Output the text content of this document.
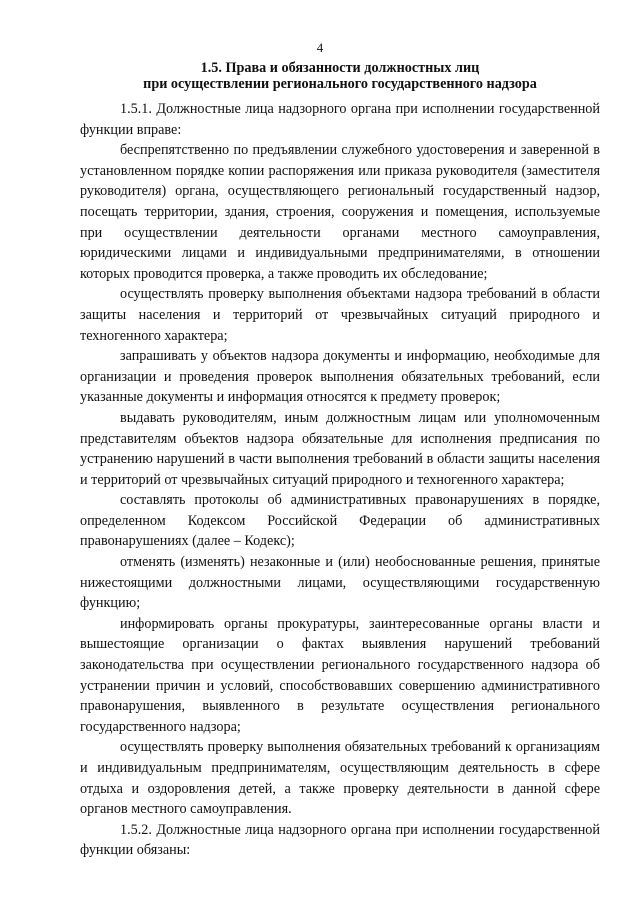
4
1.5. Права и обязанности должностных лиц
при осуществлении регионального государственного надзора

1.5.1. Должностные лица надзорного органа при исполнении государственной функции вправе:

беспрепятственно по предъявлении служебного удостоверения и заверенной в установленном порядке копии распоряжения или приказа руководителя (заместителя руководителя) органа, осуществляющего региональный государственный надзор, посещать территории, здания, строения, сооружения и помещения, используемые при осуществлении деятельности органами местного самоуправления, юридическими лицами и индивидуальными предпринимателями, в отношении которых проводится проверка, а также проводить их обследование;

осуществлять проверку выполнения объектами надзора требований в области защиты населения и территорий от чрезвычайных ситуаций природного и техногенного характера;

запрашивать у объектов надзора документы и информацию, необходимые для организации и проведения проверок выполнения обязательных требований, если указанные документы и информация относятся к предмету проверок;

выдавать руководителям, иным должностным лицам или уполномоченным представителям объектов надзора обязательные для исполнения предписания по устранению нарушений в части выполнения требований в области защиты населения и территорий от чрезвычайных ситуаций природного и техногенного характера;

составлять протоколы об административных правонарушениях в порядке, определенном Кодексом Российской Федерации об административных правонарушениях (далее – Кодекс);

отменять (изменять) незаконные и (или) необоснованные решения, принятые нижестоящими должностными лицами, осуществляющими государственную функцию;

информировать органы прокуратуры, заинтересованные органы власти и вышестоящие организации о фактах выявления нарушений требований законодательства при осуществлении регионального государственного надзора об устранении причин и условий, способствовавших совершению административного правонарушения, выявленного в результате осуществления регионального государственного надзора;

осуществлять проверку выполнения обязательных требований к организациям и индивидуальным предпринимателям, осуществляющим деятельность в сфере отдыха и оздоровления детей, а также проверку деятельности в данной сфере органов местного самоуправления.

1.5.2. Должностные лица надзорного органа при исполнении государственной функции обязаны:
